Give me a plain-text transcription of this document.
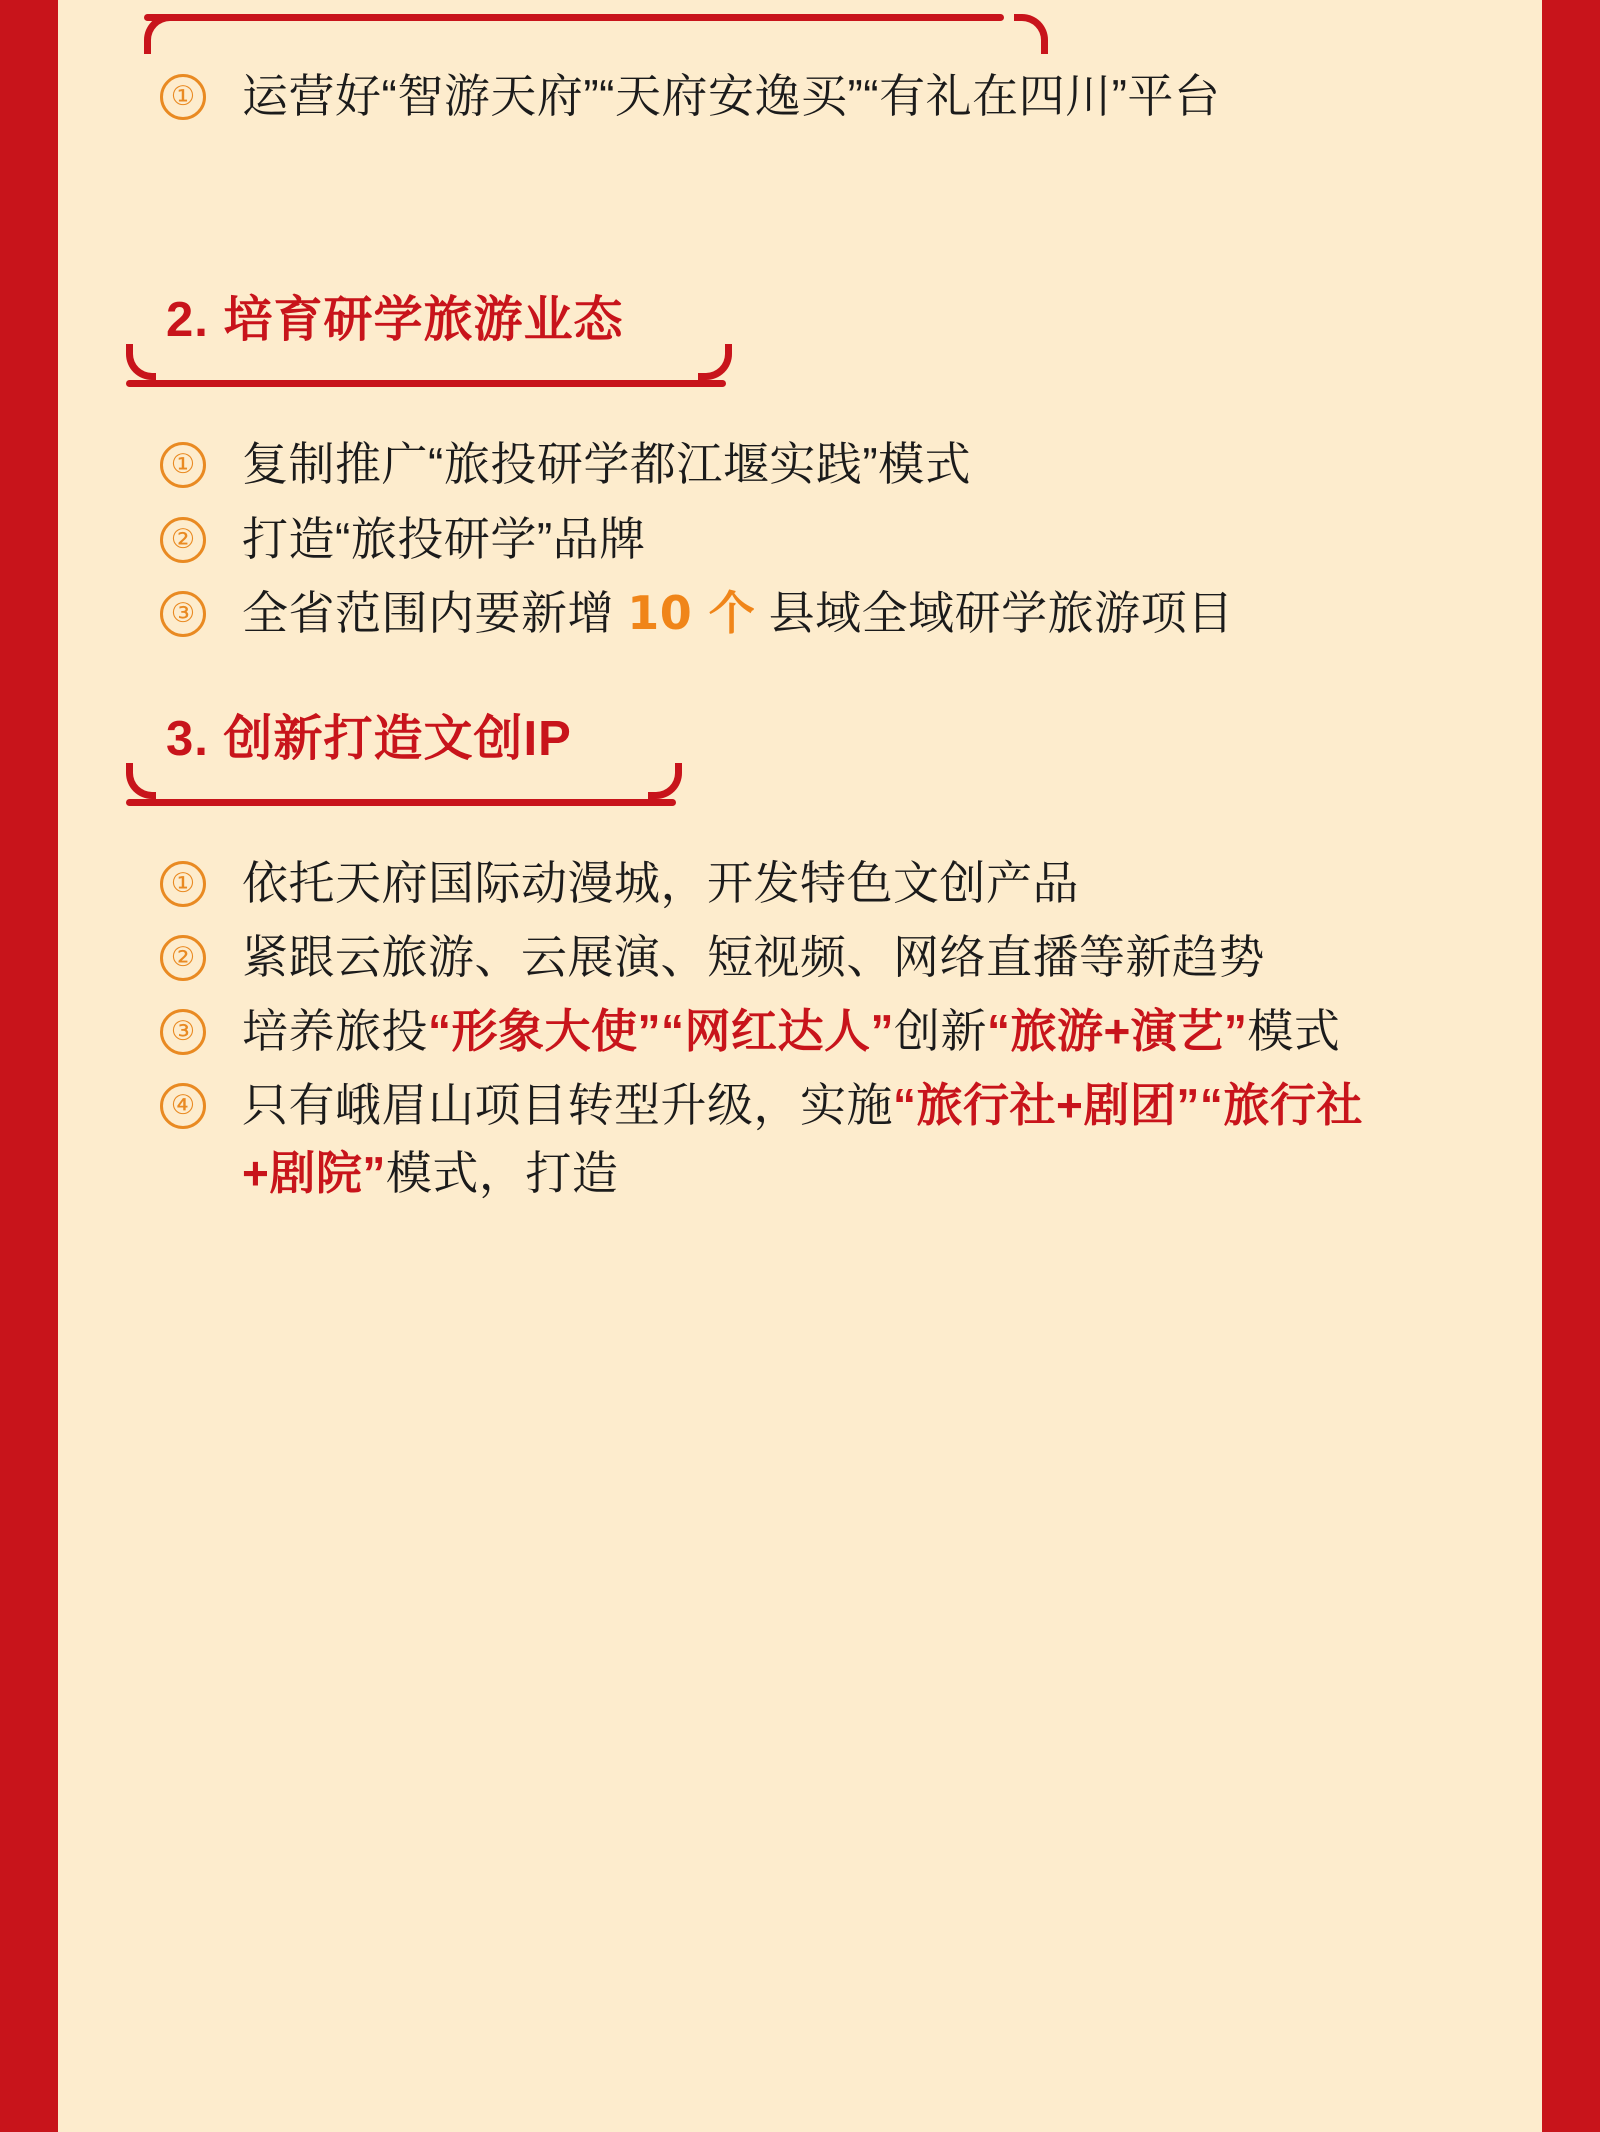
① 运营好“智游天府”“天府安逸买”“有礼在四川”平台
2. 培育研学旅游业态
① 复制推广“旅投研学都江堰实践”模式
② 打造“旅投研学”品牌
③ 全省范围内要新增 10 个 县域全域研学旅游项目
3. 创新打造文创IP
① 依托天府国际动漫城，开发特色文创产品
② 紧跟云旅游、云展演、短视频、网络直播等新趋势
③ 培养旅投“形象大使”“网红达人”创新“旅游+演艺”模式
④ 只有峨眉山项目转型升级，实施“旅行社+剧团”“旅行社+剧院”模式，打造
